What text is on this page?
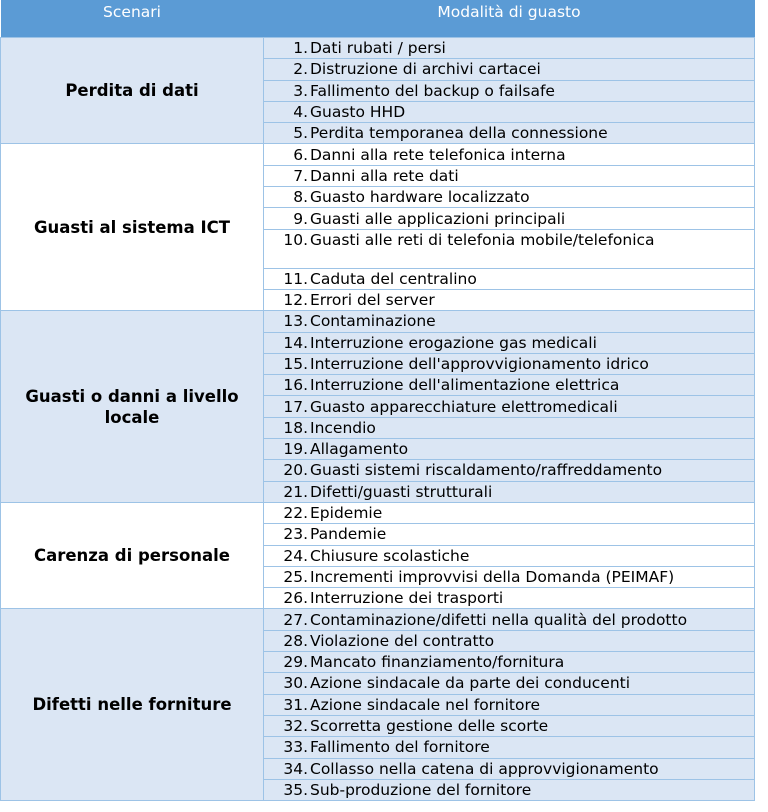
Scenari	Modalità di guasto

Perdita di dati	1. Dati rubati / persi
	2. Distruzione di archivi cartacei
	3. Fallimento del backup o failsafe
	4. Guasto HHD
	5. Perdita temporanea della connessione
Guasti al sistema ICT	6. Danni alla rete telefonica interna
	7. Danni alla rete dati
	8. Guasto hardware localizzato
	9. Guasti alle applicazioni principali
	10. Guasti alle reti di telefonia mobile/telefonica
	11. Caduta del centralino
	12. Errori del server
Guasti o danni a livello locale	13. Contaminazione
	14. Interruzione erogazione gas medicali
	15. Interruzione dell'approvvigionamento idrico
	16. Interruzione dell'alimentazione elettrica
	17. Guasto apparecchiature elettromedicali
	18. Incendio
	19. Allagamento
	20. Guasti sistemi riscaldamento/raffreddamento
	21. Difetti/guasti strutturali
Carenza di personale	22. Epidemie
	23. Pandemie
	24. Chiusure scolastiche
	25. Incrementi improvvisi della Domanda (PEIMAF)
	26. Interruzione dei trasporti
Difetti nelle forniture	27. Contaminazione/difetti nella qualità del prodotto
	28. Violazione del contratto
	29. Mancato finanziamento/fornitura
	30. Azione sindacale da parte dei conducenti
	31. Azione sindacale nel fornitore
	32. Scorretta gestione delle scorte
	33. Fallimento del fornitore
	34. Collasso nella catena di approvvigionamento
	35. Sub-produzione del fornitore
